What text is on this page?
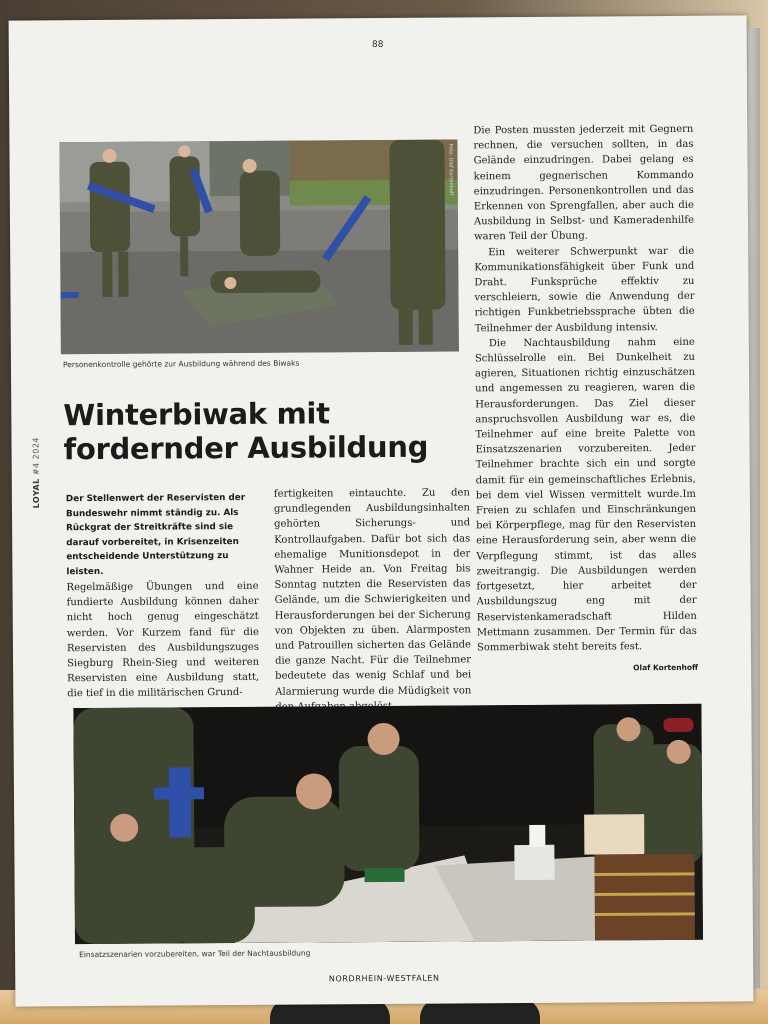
88
LOYAL #4 2024
Foto: Olaf Kortenhoff
Personenkontrolle gehörte zur Ausbildung während des Biwaks
Winterbiwak mit
fordernder Ausbildung
Der Stellenwert der Reservisten der Bundeswehr nimmt ständig zu. Als Rückgrat der Streitkräfte sind sie darauf vorbereitet, in Krisenzeiten entscheidende Unterstützung zu leisten.

Regelmäßige Übungen und eine fundierte Ausbildung können daher nicht hoch genug eingeschätzt werden. Vor Kurzem fand für die Reservisten des Ausbildungszuges Siegburg Rhein-Sieg und weiteren Reservisten eine Ausbildung statt, die tief in die militärischen Grund-

fertigkeiten eintauchte. Zu den grundlegenden Ausbildungsinhalten gehörten Sicherungs- und Kontrollaufgaben. Dafür bot sich das ehemalige Munitionsdepot in der Wahner Heide an. Von Freitag bis Sonntag nutzten die Reservisten das Gelände, um die Schwierigkeiten und Herausforderungen bei der Sicherung von Objekten zu üben. Alarmposten und Patrouillen sicherten das Gelände die ganze Nacht. Für die Teilnehmer bedeutete das wenig Schlaf und bei Alarmierung wurde die Müdigkeit von

Die Posten mussten jederzeit mit Gegnern rechnen, die versuchen sollten, in das Gelände einzudringen. Dabei gelang es keinem gegnerischen Kommando einzudringen. Personenkontrollen und das Erkennen von Sprengfallen, aber auch die Ausbildung in Selbst- und Kameradenhilfe waren Teil der Übung.

Ein weiterer Schwerpunkt war die Kommunikationsfähigkeit über Funk und Draht. Funksprüche effektiv zu verschleiern, sowie die Anwendung der richtigen Funkbetriebssprache übten die Teilnehmer der Ausbildung intensiv.

Die Nachtausbildung nahm eine Schlüsselrolle ein. Bei Dunkelheit zu agieren, Situationen richtig einzuschätzen und angemessen zu reagieren, waren die Herausforderungen. Das Ziel dieser anspruchsvollen Ausbildung war es, die Teilnehmer auf eine breite Palette von Einsatzszenarien vorzubereiten. Jeder Teilnehmer brachte sich ein und sorgte damit für ein gemeinschaftliches Erlebnis, bei dem viel Wissen vermittelt wurde.Im Freien zu schlafen und Einschränkungen bei Körperpflege, mag für den Reservisten eine Herausforderung sein, aber wenn die Verpflegung stimmt, ist das alles zweitrangig. Die Ausbildungen werden fortgesetzt, hier arbeitet der Ausbildungszug eng mit der Reservistenkameradschaft Hilden Mettmann zusammen. Der Termin für das Sommerbiwak steht bereits fest.

Olaf Kortenhoff
Einsatzszenarien vorzubereiten, war Teil der Nachtausbildung
NORDRHEIN-WESTFALEN
